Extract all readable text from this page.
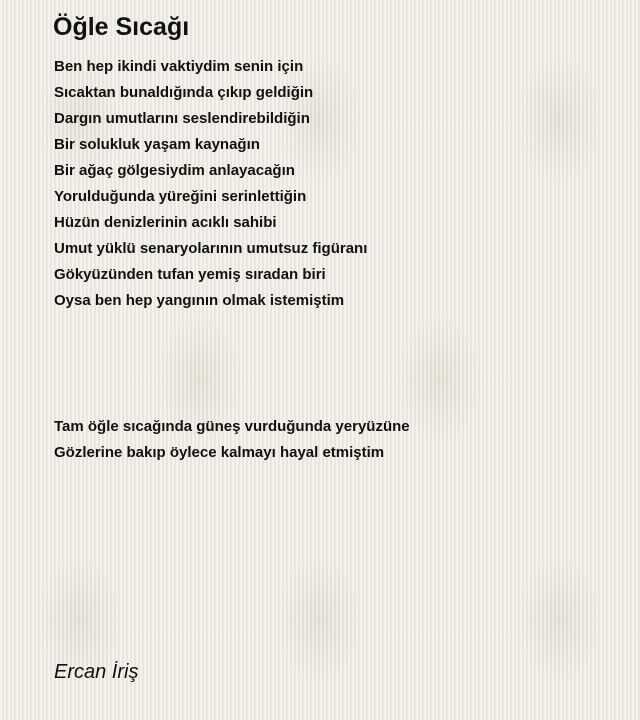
Öğle Sıcağı
Ben hep ikindi vaktiydim senin için
Sıcaktan bunaldığında çıkıp geldiğin
Dargın umutlarını seslendirebildiğin
Bir solukluk yaşam kaynağın
Bir ağaç gölgesiydim anlayacağın
Yorulduğunda yüreğini serinlettiğin
Hüzün denizlerinin acıklı sahibi
Umut yüklü senaryolarının umutsuz figüranı
Gökyüzünden tufan yemiş sıradan biri
Oysa ben hep yangının olmak istemiştim
Tam öğle sıcağında güneş vurduğunda yeryüzüne
Gözlerine bakıp öylece kalmayı hayal etmiştim
Ercan İriş
